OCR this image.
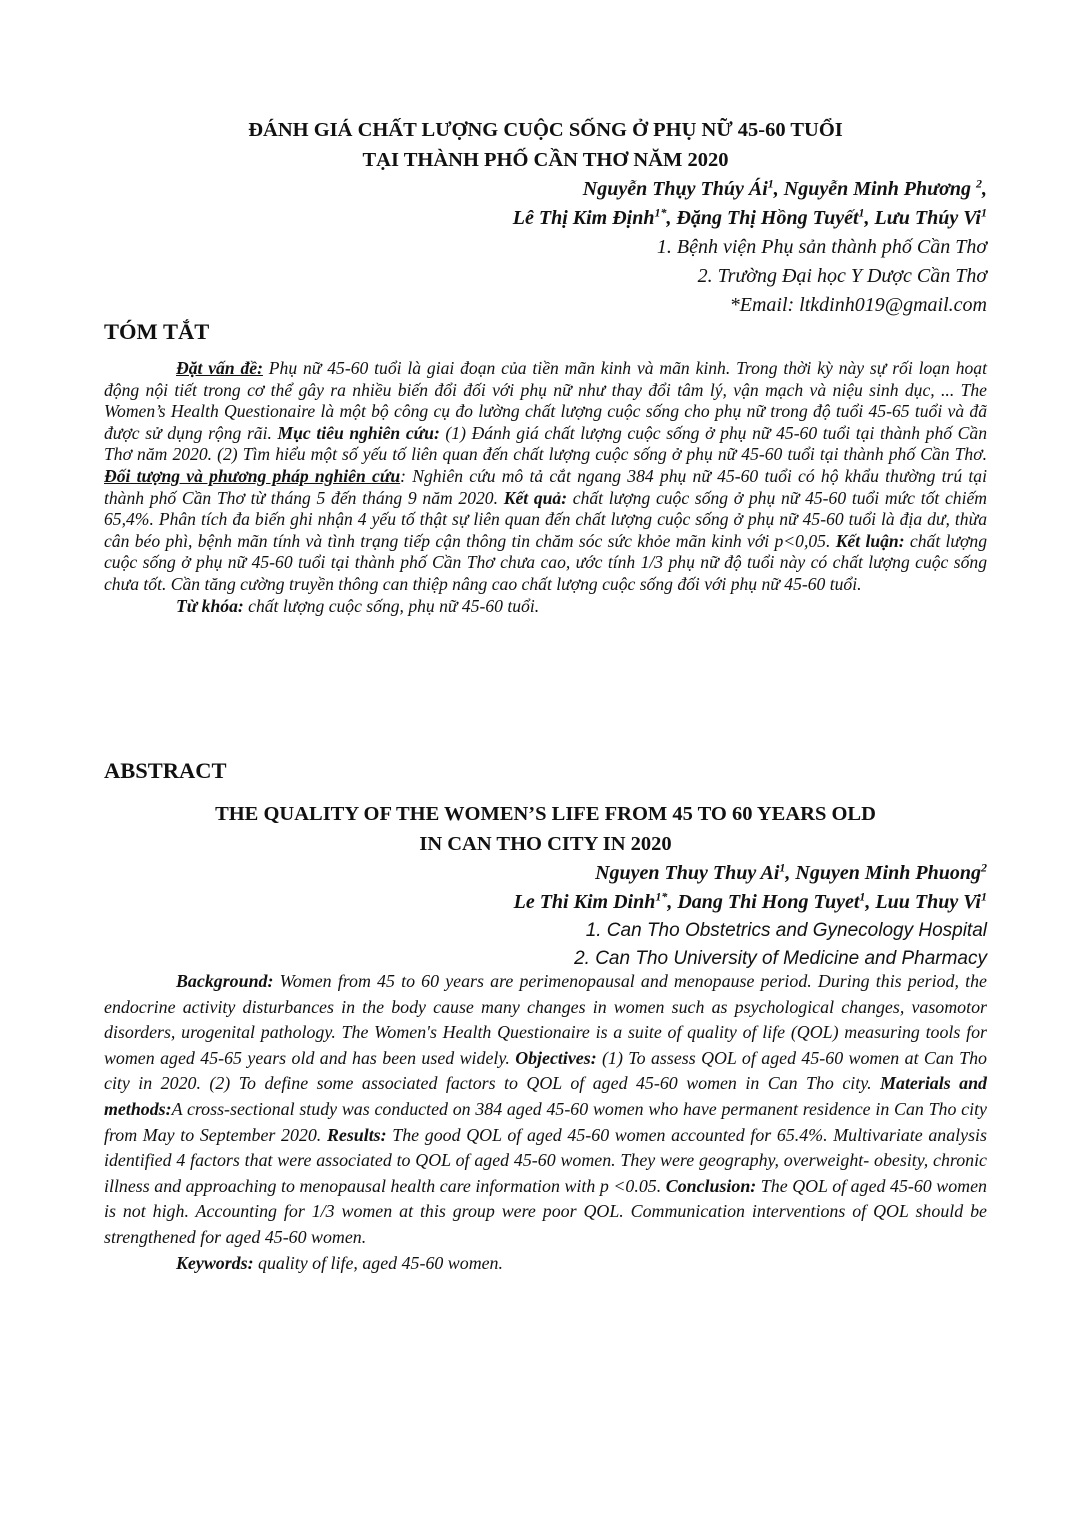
ĐÁNH GIÁ CHẤT LƯỢNG CUỘC SỐNG Ở PHỤ NỮ 45-60 TUỔI

TẠI THÀNH PHỐ CẦN THƠ NĂM 2020

Nguyễn Thụy Thúy $Ái^1$, Nguyễn Minh Phương $^2$,

Lê Thị Kim Định$^{1*}$, Đặng Thị Hồng Tuyết$^1$, Lưu Thúy Vi$^1$

1. Bệnh viện Phụ sản thành phố Cần Thơ

2. Trường Đại học Y Dược Cần Thơ

*Email: ltkdinh019@gmail.com

TÓM TẮT

Đặt vấn đề: Phụ nữ 45-60 tuổi là giai đoạn của tiền mãn kinh và mãn kinh. Trong thời kỳ này sự rối loạn hoạt động nội tiết trong cơ thể gây ra nhiều biến đổi đối với phụ nữ như thay đổi tâm lý, vận mạch và niệu sinh dục, ... The Women’s Health Questionaire là một bộ công cụ đo lường chất lượng cuộc sống cho phụ nữ trong độ tuổi 45-65 tuổi và đã được sử dụng rộng rãi. Mục tiêu nghiên cứu: (1) Đánh giá chất lượng cuộc sống ở phụ nữ 45-60 tuổi tại thành phố Cần Thơ năm 2020. (2) Tìm hiểu một số yếu tố liên quan đến chất lượng cuộc sống ở phụ nữ 45-60 tuổi tại thành phố Cần Thơ. Đối tượng và phương pháp nghiên cứu: Nghiên cứu mô tả cắt ngang 384 phụ nữ 45-60 tuổi có hộ khẩu thường trú tại thành phố Cần Thơ từ tháng 5 đến tháng 9 năm 2020. Kết quả: chất lượng cuộc sống ở phụ nữ 45-60 tuổi mức tốt chiếm 65,4%. Phân tích đa biến ghi nhận 4 yếu tố thật sự liên quan đến chất lượng cuộc sống ở phụ nữ 45-60 tuổi là địa dư, thừa cân béo phì, bệnh mãn tính và tình trạng tiếp cận thông tin chăm sóc sức khỏe mãn kinh với p<0,05. Kết luận: chất lượng cuộc sống ở phụ nữ 45-60 tuổi tại thành phố Cần Thơ chưa cao, ước tính 1/3 phụ nữ độ tuổi này có chất lượng cuộc sống chưa tốt. Cần tăng cường truyền thông can thiệp nâng cao chất lượng cuộc sống đối với phụ nữ 45-60 tuổi.

Từ khóa: chất lượng cuộc sống, phụ nữ 45-60 tuổi.

ABSTRACT

THE QUALITY OF THE WOMEN’S LIFE FROM 45 TO 60 YEARS OLD

IN CAN THO CITY IN 2020

Nguyen Thuy Thuy Ai$^1$, Nguyen Minh Phuong$^2$

Le Thi Kim Dinh$^{1*}$, Dang Thi Hong Tuyet$^1$, Luu Thuy Vi$^1$

1. Can Tho Obstetrics and Gynecology Hospital

2. Can Tho University of Medicine and Pharmacy

Background: Women from 45 to 60 years are perimenopausal and menopause period. During this period, the endocrine activity disturbances in the body cause many changes in women such as psychological changes, vasomotor disorders, urogenital pathology. The Women's Health Questionaire is a suite of quality of life (QOL) measuring tools for women aged 45-65 years old and has been used widely. Objectives: (1) To assess QOL of aged 45-60 women at Can Tho city in 2020. (2) To define some associated factors to QOL of aged 45-60 women in Can Tho city. Materials and methods:A cross-sectional study was conducted on 384 aged 45-60 women who have permanent residence in Can Tho city from May to September 2020. Results: The good QOL of aged 45-60 women accounted for 65.4%. Multivariate analysis identified 4 factors that were associated to QOL of aged 45-60 women. They were geography, overweight- obesity, chronic illness and approaching to menopausal health care information with p <0.05. Conclusion: The QOL of aged 45-60 women is not high. Accounting for 1/3 women at this group were poor QOL. Communication interventions of QOL should be strengthened for aged 45-60 women.

Keywords: quality of life, aged 45-60 women.
